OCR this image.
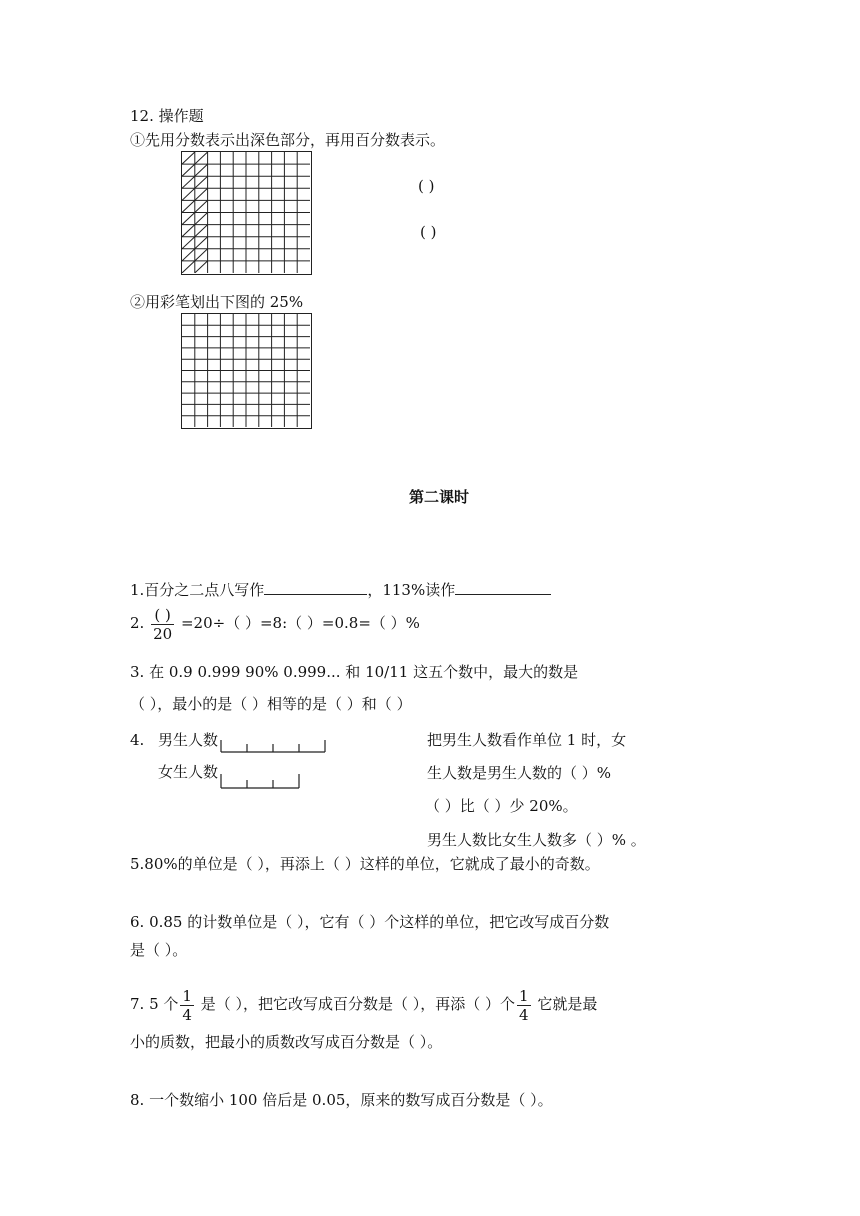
12. 操作题
①先用分数表示出深色部分，再用百分数表示。
( )
( )
②用彩笔划出下图的 25%
第二课时
1.百分之二点八写作	，113%读作
2. $\frac{( )}{20} =20\div$（ ）=8:（ ）=0.8=（ ）%
3. 在 0.9 0.999 90% 0.999... 和 10/11 这五个数中，最大的数是
（ ），最小的是（ ）相等的是（ ）和（ ）
4. 男生人数
女生人数
把男生人数看作单位 1 时，女
生人数是男生人数的（ ）%
（ ）比（ ）少 20%。
男生人数比女生人数多（ ）% 。
5.80%的单位是（ ），再添上（ ）这样的单位，它就成了最小的奇数。
6. 0.85 的计数单位是（ ），它有（ ）个这样的单位，把它改写成百分数
是（ ）。
7. 5 个 $\frac{1}{4}$ 是（ ），把它改写成百分数是（ ），再添（ ）个 $\frac{1}{4}$ 它就是最
小的质数，把最小的质数改写成百分数是（ ）。
8. 一个数缩小 100 倍后是 0.05，原来的数写成百分数是（ ）。
